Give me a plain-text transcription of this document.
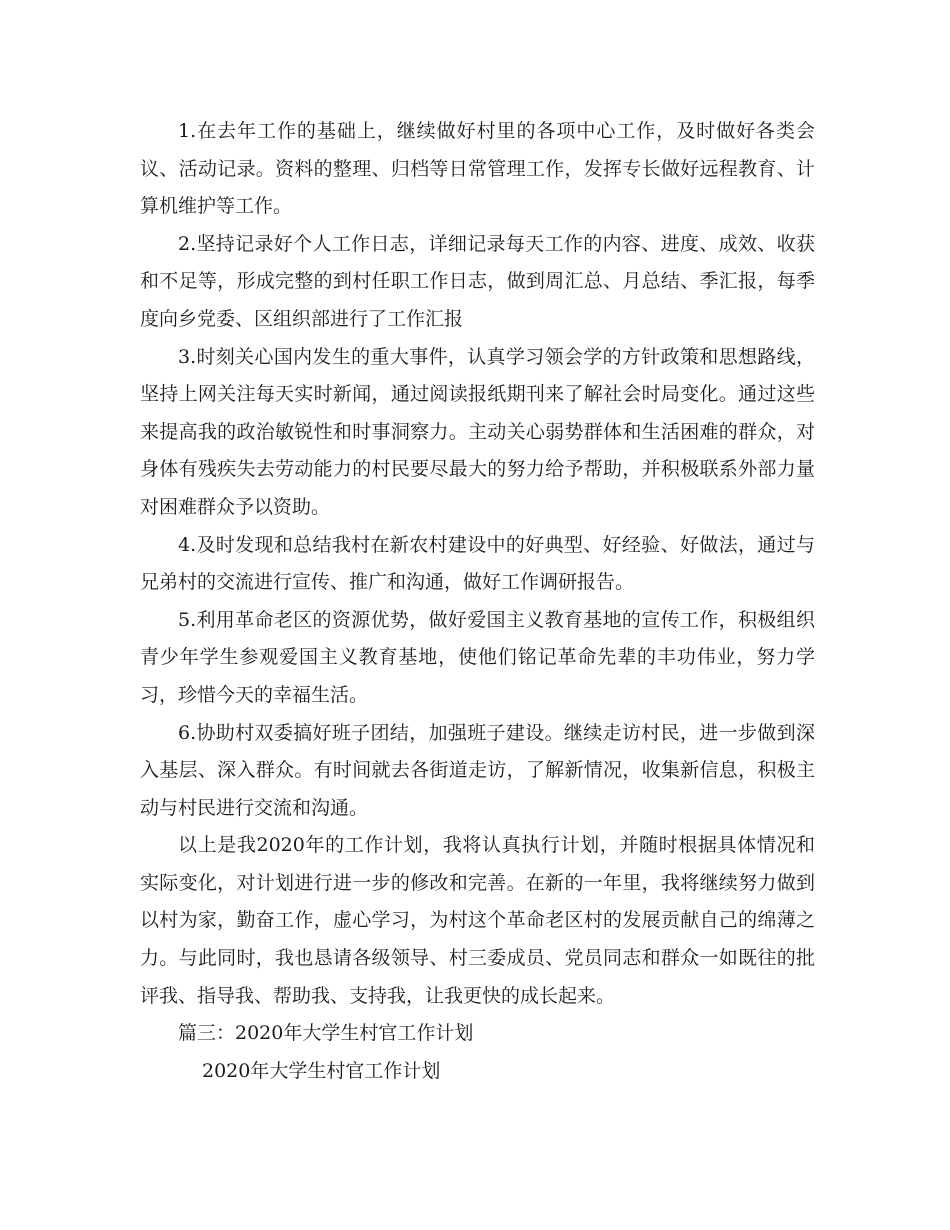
1.在去年工作的基础上，继续做好村里的各项中心工作，及时做好各类会议、活动记录。资料的整理、归档等日常管理工作，发挥专长做好远程教育、计算机维护等工作。

2.坚持记录好个人工作日志，详细记录每天工作的内容、进度、成效、收获和不足等，形成完整的到村任职工作日志，做到周汇总、月总结、季汇报，每季度向乡党委、区组织部进行了工作汇报

3.时刻关心国内发生的重大事件，认真学习领会学的方针政策和思想路线，坚持上网关注每天实时新闻，通过阅读报纸期刊来了解社会时局变化。通过这些来提高我的政治敏锐性和时事洞察力。主动关心弱势群体和生活困难的群众，对身体有残疾失去劳动能力的村民要尽最大的努力给予帮助，并积极联系外部力量对困难群众予以资助。

4.及时发现和总结我村在新农村建设中的好典型、好经验、好做法，通过与兄弟村的交流进行宣传、推广和沟通，做好工作调研报告。

5.利用革命老区的资源优势，做好爱国主义教育基地的宣传工作，积极组织青少年学生参观爱国主义教育基地，使他们铭记革命先辈的丰功伟业，努力学习，珍惜今天的幸福生活。

6.协助村双委搞好班子团结，加强班子建设。继续走访村民，进一步做到深入基层、深入群众。有时间就去各街道走访，了解新情况，收集新信息，积极主动与村民进行交流和沟通。

以上是我2020年的工作计划，我将认真执行计划，并随时根据具体情况和实际变化，对计划进行进一步的修改和完善。在新的一年里，我将继续努力做到以村为家，勤奋工作，虚心学习，为村这个革命老区村的发展贡献自己的绵薄之力。与此同时，我也恳请各级领导、村三委成员、党员同志和群众一如既往的批评我、指导我、帮助我、支持我，让我更快的成长起来。

篇三：2020年大学生村官工作计划

2020年大学生村官工作计划
